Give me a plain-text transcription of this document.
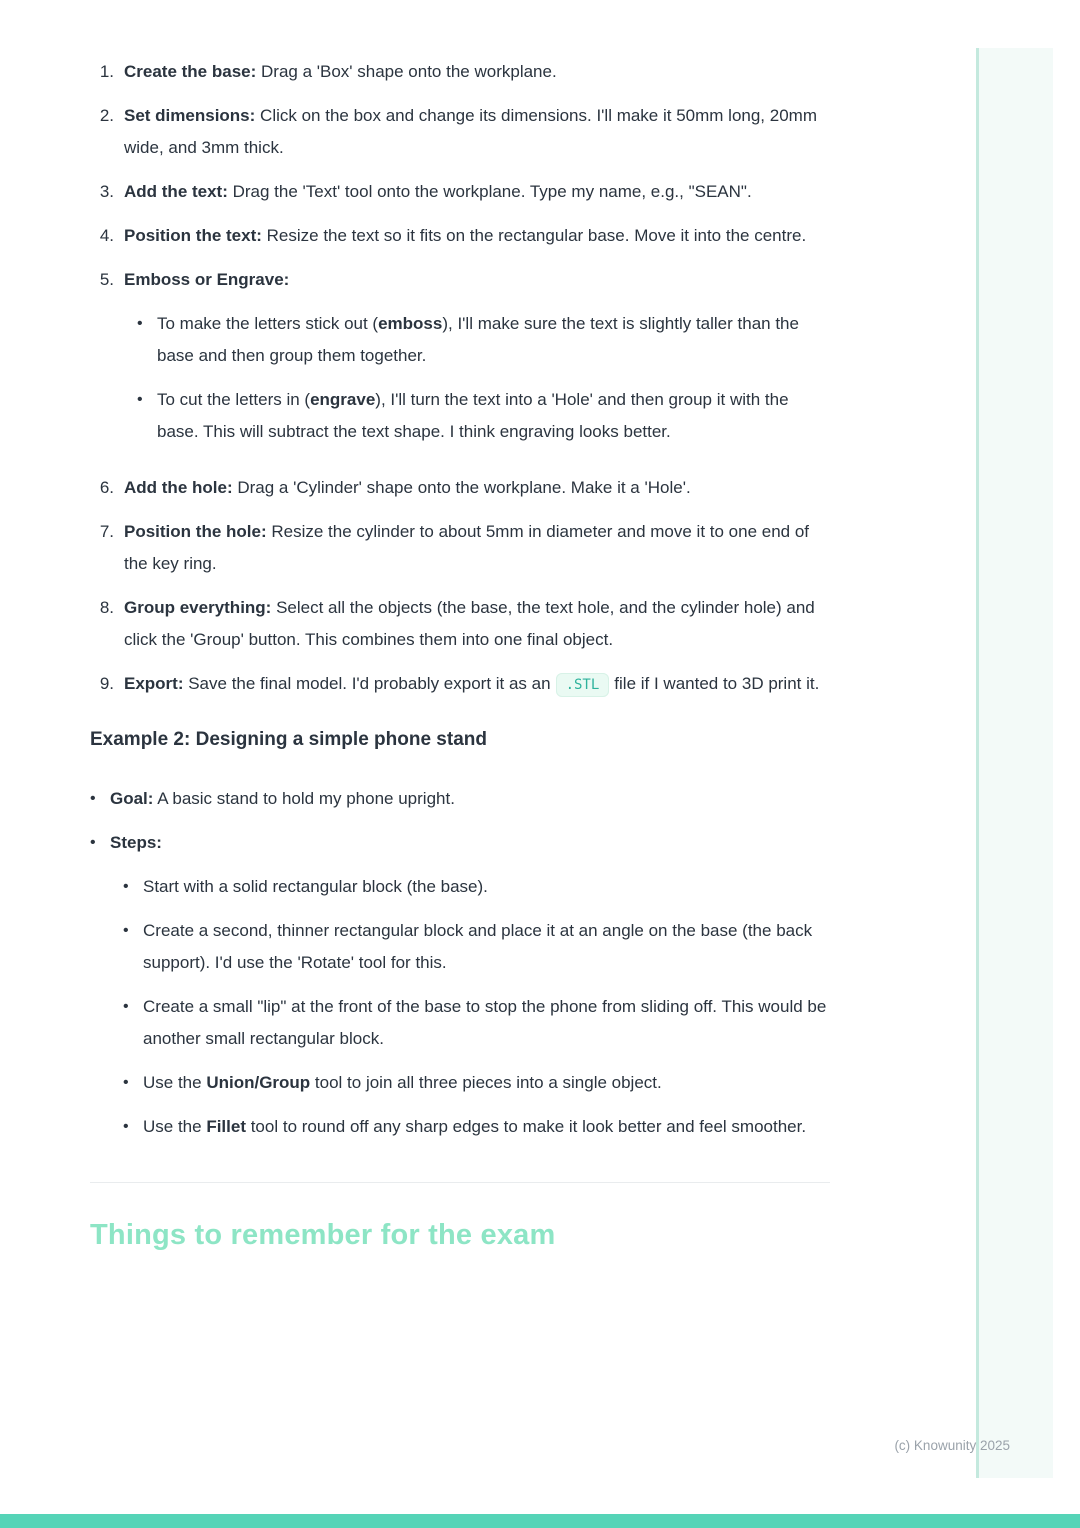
1. Create the base: Drag a 'Box' shape onto the workplane.

2. Set dimensions: Click on the box and change its dimensions. I'll make it 50mm long, 20mm wide, and 3mm thick.

3. Add the text: Drag the 'Text' tool onto the workplane. Type my name, e.g., "SEAN".

4. Position the text: Resize the text so it fits on the rectangular base. Move it into the centre.

5. Emboss or Engrave:

• To make the letters stick out (emboss), I'll make sure the text is slightly taller than the base and then group them together.

• To cut the letters in (engrave), I'll turn the text into a 'Hole' and then group it with the base. This will subtract the text shape. I think engraving looks better.

6. Add the hole: Drag a 'Cylinder' shape onto the workplane. Make it a 'Hole'.

7. Position the hole: Resize the cylinder to about 5mm in diameter and move it to one end of the key ring.

8. Group everything: Select all the objects (the base, the text hole, and the cylinder hole) and click the 'Group' button. This combines them into one final object.

9. Export: Save the final model. I'd probably export it as an .STL file if I wanted to 3D print it.

Example 2: Designing a simple phone stand
• Goal: A basic stand to hold my phone upright.

• Steps:

• Start with a solid rectangular block (the base).

• Create a second, thinner rectangular block and place it at an angle on the base (the back support). I'd use the 'Rotate' tool for this.

• Create a small "lip" at the front of the base to stop the phone from sliding off. This would be another small rectangular block.

• Use the Union/Group tool to join all three pieces into a single object.

• Use the Fillet tool to round off any sharp edges to make it look better and feel smoother.

Things to remember for the exam
(c) Knowunity 2025
